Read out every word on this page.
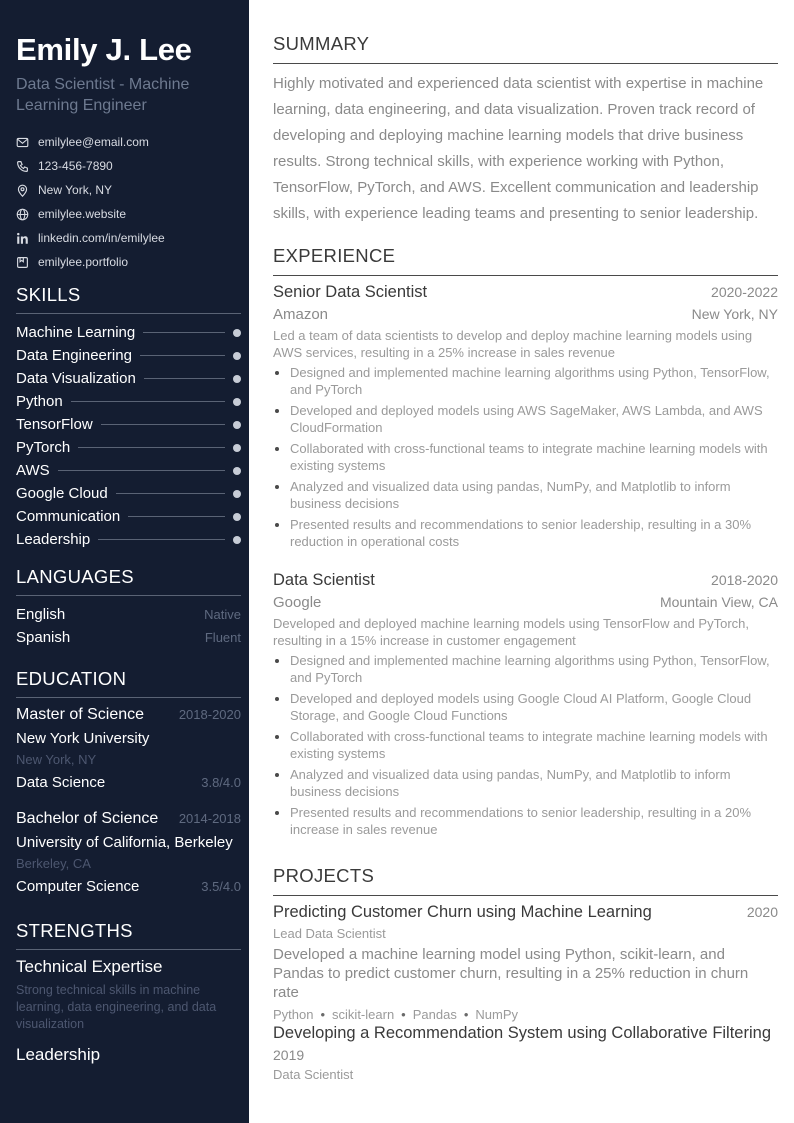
Emily J. Lee
Data Scientist - Machine Learning Engineer
emilylee@email.com
123-456-7890
New York, NY
emilylee.website
linkedin.com/in/emilylee
emilylee.portfolio
SKILLS
Machine Learning
Data Engineering
Data Visualization
Python
TensorFlow
PyTorch
AWS
Google Cloud
Communication
Leadership
LANGUAGES
English	Native
Spanish	Fluent
EDUCATION
Master of Science	2018-2020
New York University
New York, NY
Data Science	3.8/4.0
Bachelor of Science 2014-2018
University of California, Berkeley
Berkeley, CA
Computer Science	3.5/4.0
STRENGTHS
Technical Expertise
Strong technical skills in machine learning, data engineering, and data visualization
Leadership
SUMMARY
Highly motivated and experienced data scientist with expertise in machine learning, data engineering, and data visualization. Proven track record of developing and deploying machine learning models that drive business results. Strong technical skills, with experience working with Python, TensorFlow, PyTorch, and AWS. Excellent communication and leadership skills, with experience leading teams and presenting to senior leadership.
EXPERIENCE
Senior Data Scientist	2020-2022
Amazon	New York, NY
Led a team of data scientists to develop and deploy machine learning models using AWS services, resulting in a 25% increase in sales revenue
• Designed and implemented machine learning algorithms using Python, TensorFlow, and PyTorch
• Developed and deployed models using AWS SageMaker, AWS Lambda, and AWS CloudFormation
• Collaborated with cross-functional teams to integrate machine learning models with existing systems
• Analyzed and visualized data using pandas, NumPy, and Matplotlib to inform business decisions
• Presented results and recommendations to senior leadership, resulting in a 30% reduction in operational costs
Data Scientist	2018-2020
Google	Mountain View, CA
Developed and deployed machine learning models using TensorFlow and PyTorch, resulting in a 15% increase in customer engagement
• Designed and implemented machine learning algorithms using Python, TensorFlow, and PyTorch
• Developed and deployed models using Google Cloud AI Platform, Google Cloud Storage, and Google Cloud Functions
• Collaborated with cross-functional teams to integrate machine learning models with existing systems
• Analyzed and visualized data using pandas, NumPy, and Matplotlib to inform business decisions
• Presented results and recommendations to senior leadership, resulting in a 20% increase in sales revenue
PROJECTS
Predicting Customer Churn using Machine Learning	2020
Lead Data Scientist
Developed a machine learning model using Python, scikit-learn, and Pandas to predict customer churn, resulting in a 25% reduction in churn rate
Python • scikit-learn • Pandas • NumPy
Developing a Recommendation System using Collaborative Filtering
2019
Data Scientist
